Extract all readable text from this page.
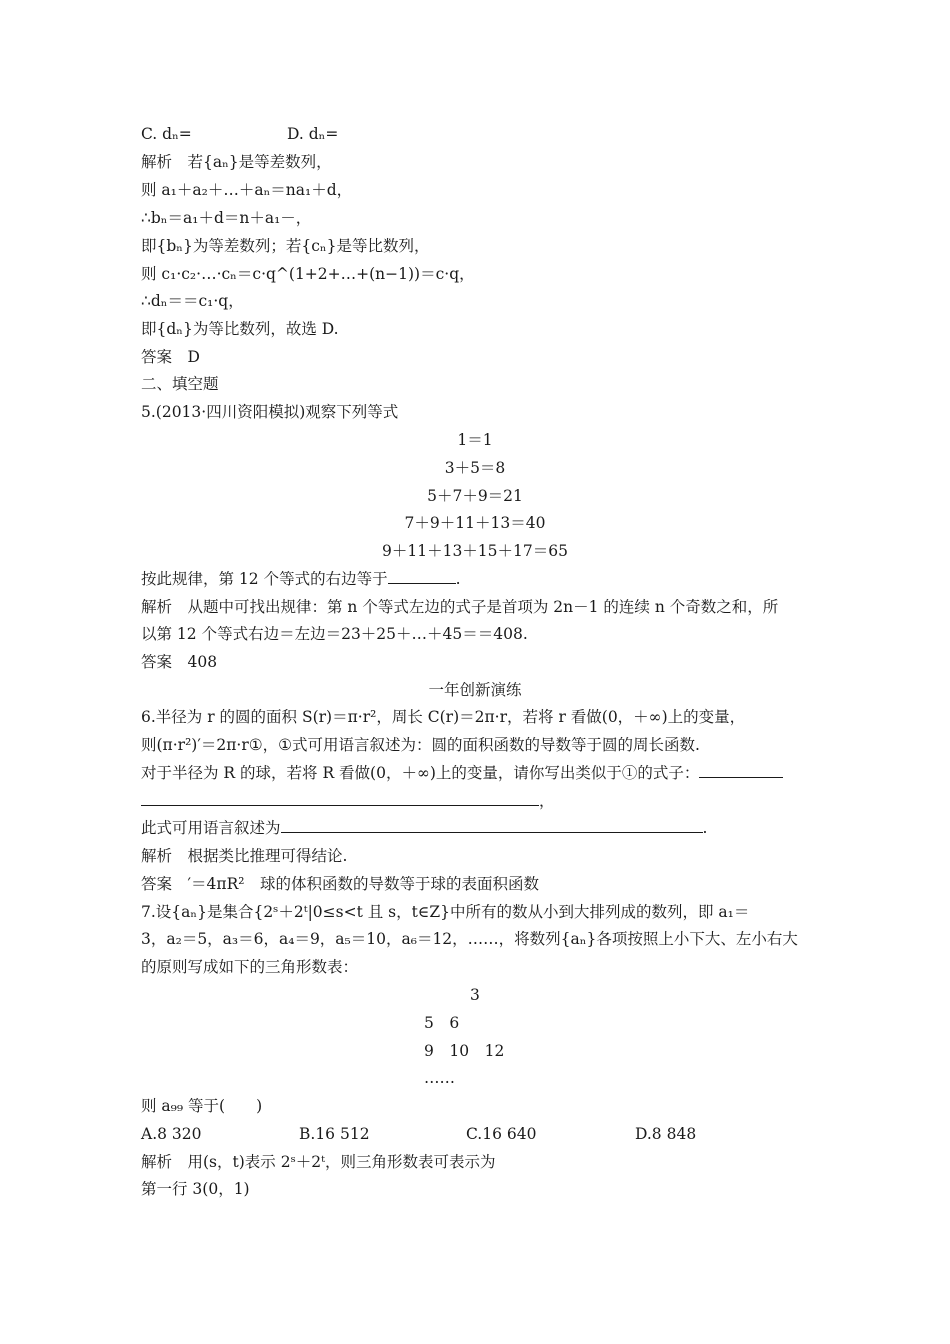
C. dₙ=	D. dₙ=
解析　若{aₙ}是等差数列，
则 a₁＋a₂＋…＋aₙ＝na₁＋d，
∴bₙ＝a₁＋d＝n＋a₁－，
即{bₙ}为等差数列；若{cₙ}是等比数列，
则 c₁·c₂·…·cₙ＝c·q^(1+2+…+(n−1))＝c·q，
∴dₙ＝＝c₁·q，
即{dₙ}为等比数列，故选 D.
答案　D
二、填空题
5.(2013·四川资阳模拟)观察下列等式
1＝1
3＋5＝8
5＋7＋9＝21
7＋9＋11＋13＝40
9＋11＋13＋15＋17＝65
按此规律，第 12 个等式的右边等于	.
解析　从题中可找出规律：第 n 个等式左边的式子是首项为 2n－1 的连续 n 个奇数之和，所
以第 12 个等式右边＝左边＝23＋25＋…＋45＝＝408.
答案　408
一年创新演练
6.半径为 r 的圆的面积 S(r)＝π·r²，周长 C(r)＝2π·r，若将 r 看做(0，＋∞)上的变量，
则(π·r²)′＝2π·r①，①式可用语言叙述为：圆的面积函数的导数等于圆的周长函数.
对于半径为 R 的球，若将 R 看做(0，＋∞)上的变量，请你写出类似于①的式子：
，
此式可用语言叙述为	.
解析　根据类比推理可得结论.
答案　′＝4πR²　球的体积函数的导数等于球的表面积函数
7.设{aₙ}是集合{2ˢ＋2ᵗ|0≤s<t 且 s，t∈Z}中所有的数从小到大排列成的数列，即 a₁＝
3，a₂＝5，a₃＝6，a₄＝9，a₅＝10，a₆＝12，……，将数列{aₙ}各项按照上小下大、左小右大
的原则写成如下的三角形数表：
3
5　6
9　10　12
……
则 a₉₉ 等于(　　)
A.8 320	B.16 512	C.16 640	D.8 848
解析　用(s，t)表示 2ˢ＋2ᵗ，则三角形数表可表示为
第一行 3(0，1)
